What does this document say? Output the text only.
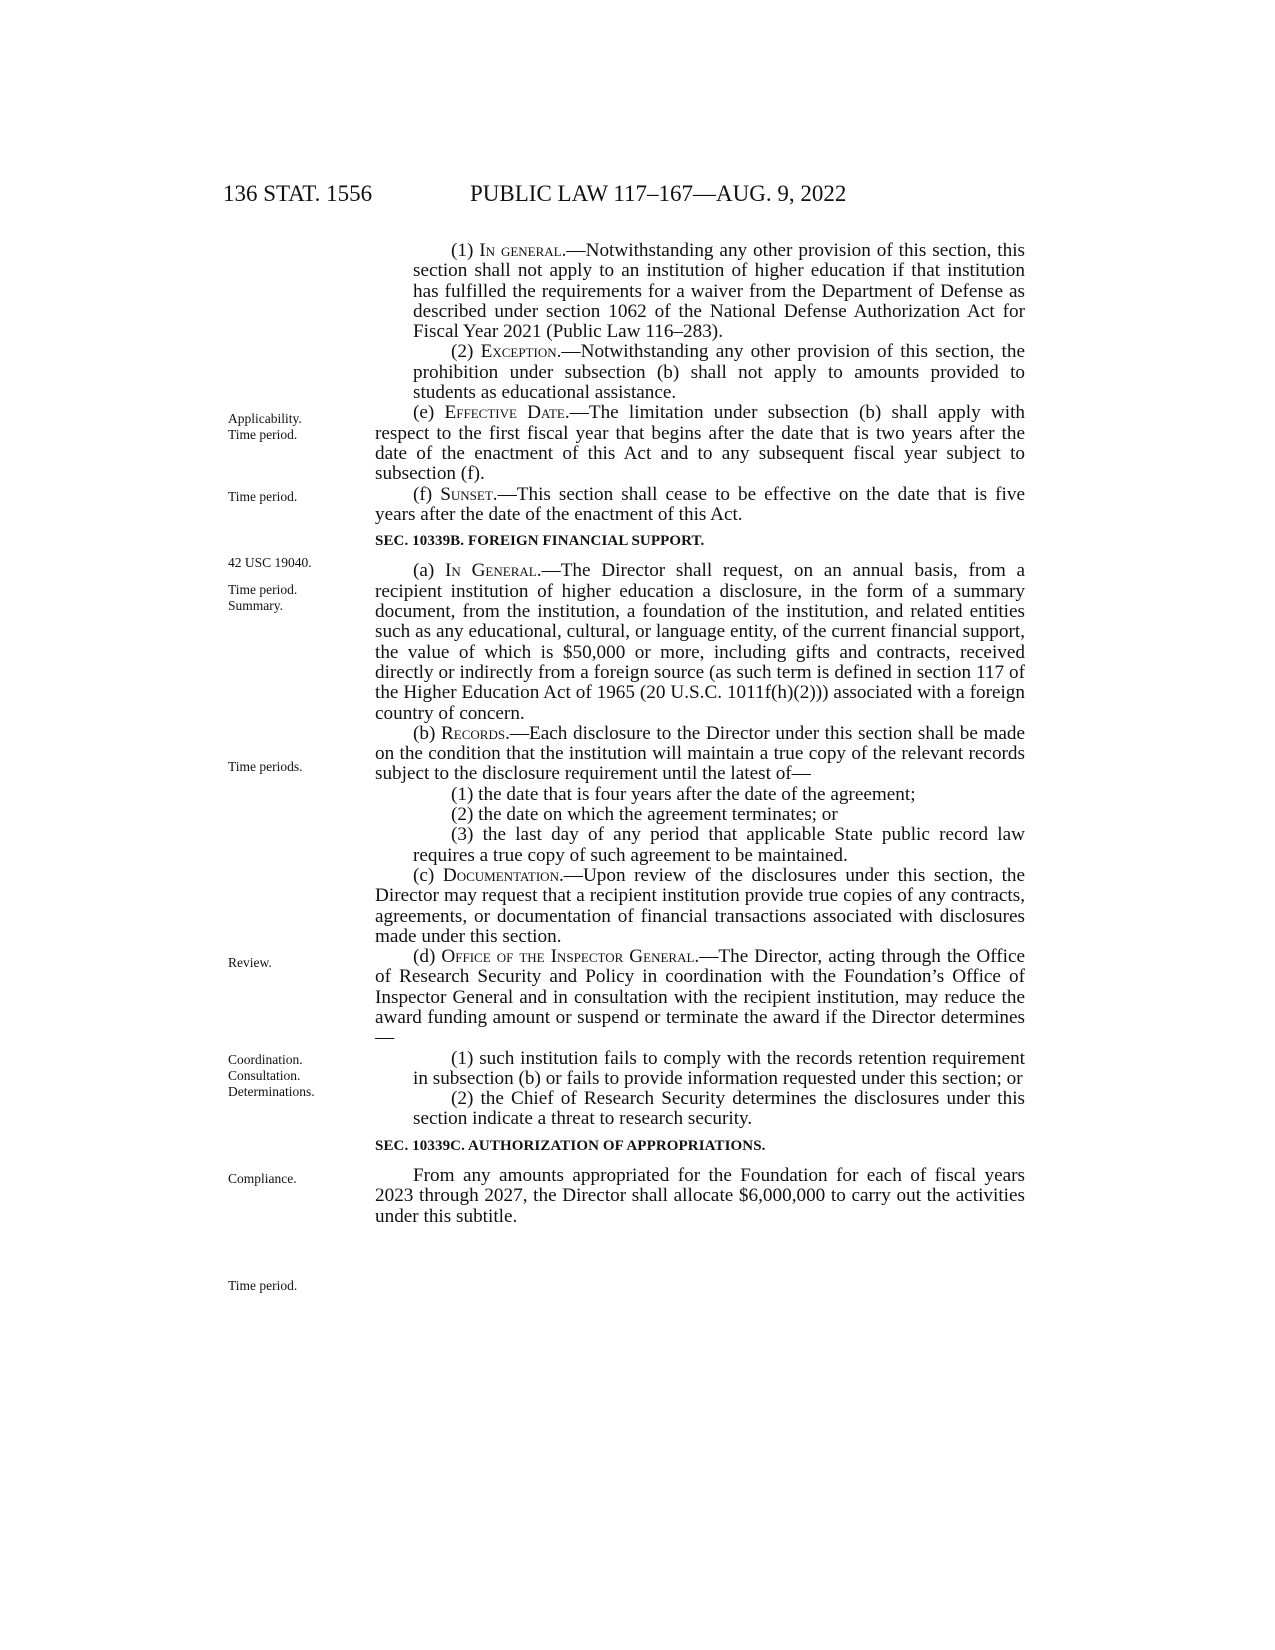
136 STAT. 1556	PUBLIC LAW 117–167—AUG. 9, 2022
Applicability.
Time period.
Time period.
42 USC 19040.
Time period.
Summary.
Time periods.
Review.
Coordination.
Consultation.
Determinations.
Compliance.
Time period.

(1) In general.—Notwithstanding any other provision of this section, this section shall not apply to an institution of higher education if that institution has fulfilled the requirements for a waiver from the Department of Defense as described under section 1062 of the National Defense Authorization Act for Fiscal Year 2021 (Public Law 116–283).

(2) Exception.—Notwithstanding any other provision of this section, the prohibition under subsection (b) shall not apply to amounts provided to students as educational assistance.

(e) Effective Date.—The limitation under subsection (b) shall apply with respect to the first fiscal year that begins after the date that is two years after the date of the enactment of this Act and to any subsequent fiscal year subject to subsection (f).

(f) Sunset.—This section shall cease to be effective on the date that is five years after the date of the enactment of this Act.

SEC. 10339B. FOREIGN FINANCIAL SUPPORT.

(a) In General.—The Director shall request, on an annual basis, from a recipient institution of higher education a disclosure, in the form of a summary document, from the institution, a foundation of the institution, and related entities such as any educational, cultural, or language entity, of the current financial support, the value of which is $50,000 or more, including gifts and contracts, received directly or indirectly from a foreign source (as such term is defined in section 117 of the Higher Education Act of 1965 (20 U.S.C. 1011f(h)(2))) associated with a foreign country of concern.

(b) Records.—Each disclosure to the Director under this section shall be made on the condition that the institution will maintain a true copy of the relevant records subject to the disclosure requirement until the latest of—

(1) the date that is four years after the date of the agreement;

(2) the date on which the agreement terminates; or

(3) the last day of any period that applicable State public record law requires a true copy of such agreement to be maintained.

(c) Documentation.—Upon review of the disclosures under this section, the Director may request that a recipient institution provide true copies of any contracts, agreements, or documentation of financial transactions associated with disclosures made under this section.

(d) Office of the Inspector General.—The Director, acting through the Office of Research Security and Policy in coordination with the Foundation’s Office of Inspector General and in consultation with the recipient institution, may reduce the award funding amount or suspend or terminate the award if the Director determines—

(1) such institution fails to comply with the records retention requirement in subsection (b) or fails to provide information requested under this section; or

(2) the Chief of Research Security determines the disclosures under this section indicate a threat to research security.

SEC. 10339C. AUTHORIZATION OF APPROPRIATIONS.

From any amounts appropriated for the Foundation for each of fiscal years 2023 through 2027, the Director shall allocate $6,000,000 to carry out the activities under this subtitle.
